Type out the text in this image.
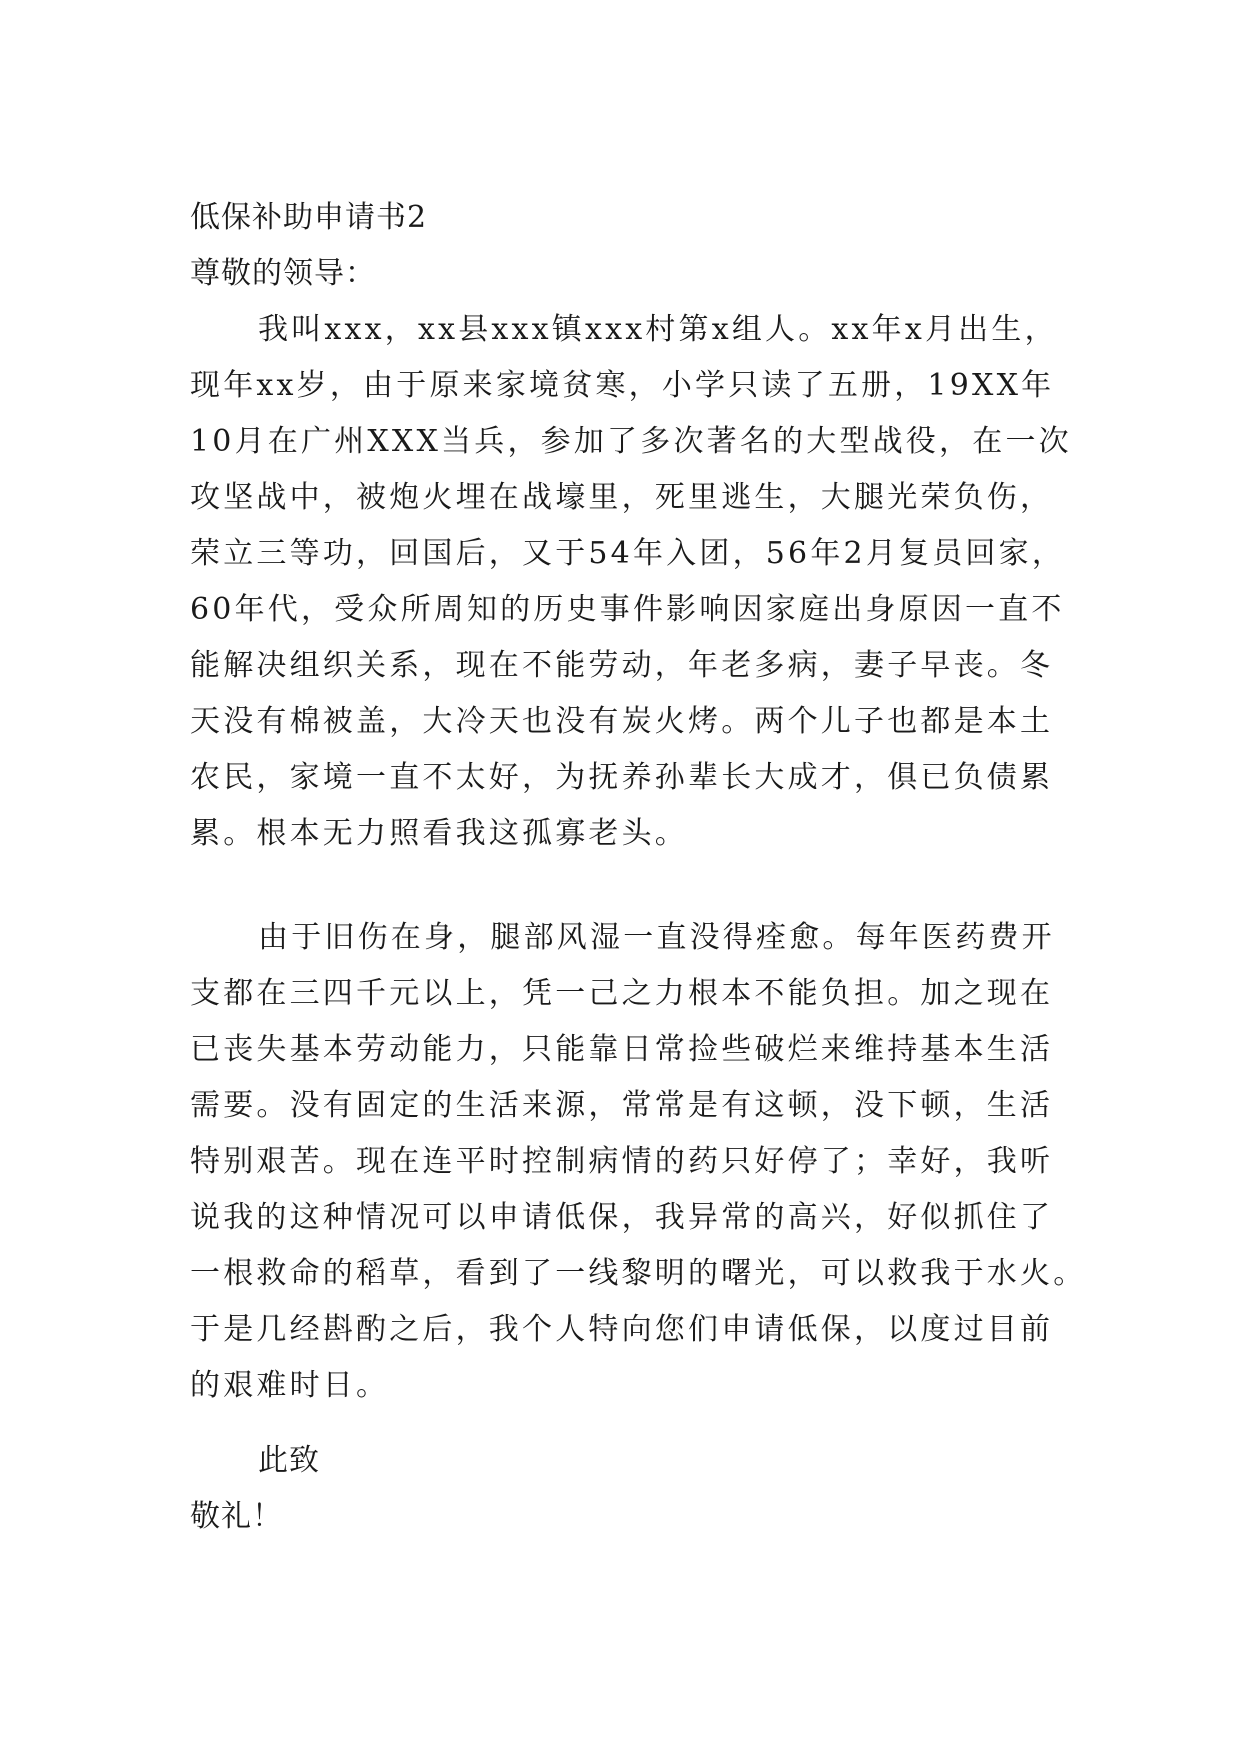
低保补助申请书2
尊敬的领导：
我叫xxx，xx县xxx镇xxx村第x组人。xx年x月出生，
现年xx岁，由于原来家境贫寒，小学只读了五册，19XX年
10月在广州XXX当兵，参加了多次著名的大型战役，在一次
攻坚战中，被炮火埋在战壕里，死里逃生，大腿光荣负伤，
荣立三等功，回国后，又于54年入团，56年2月复员回家，
60年代，受众所周知的历史事件影响因家庭出身原因一直不
能解决组织关系，现在不能劳动，年老多病，妻子早丧。冬
天没有棉被盖，大冷天也没有炭火烤。两个儿子也都是本土
农民，家境一直不太好，为抚养孙辈长大成才，俱已负债累
累。根本无力照看我这孤寡老头。
由于旧伤在身，腿部风湿一直没得痊愈。每年医药费开
支都在三四千元以上，凭一己之力根本不能负担。加之现在
已丧失基本劳动能力，只能靠日常捡些破烂来维持基本生活
需要。没有固定的生活来源，常常是有这顿，没下顿，生活
特别艰苦。现在连平时控制病情的药只好停了；幸好，我听
说我的这种情况可以申请低保，我异常的高兴，好似抓住了
一根救命的稻草，看到了一线黎明的曙光，可以救我于水火。
于是几经斟酌之后，我个人特向您们申请低保，以度过目前
的艰难时日。
此致
敬礼！
